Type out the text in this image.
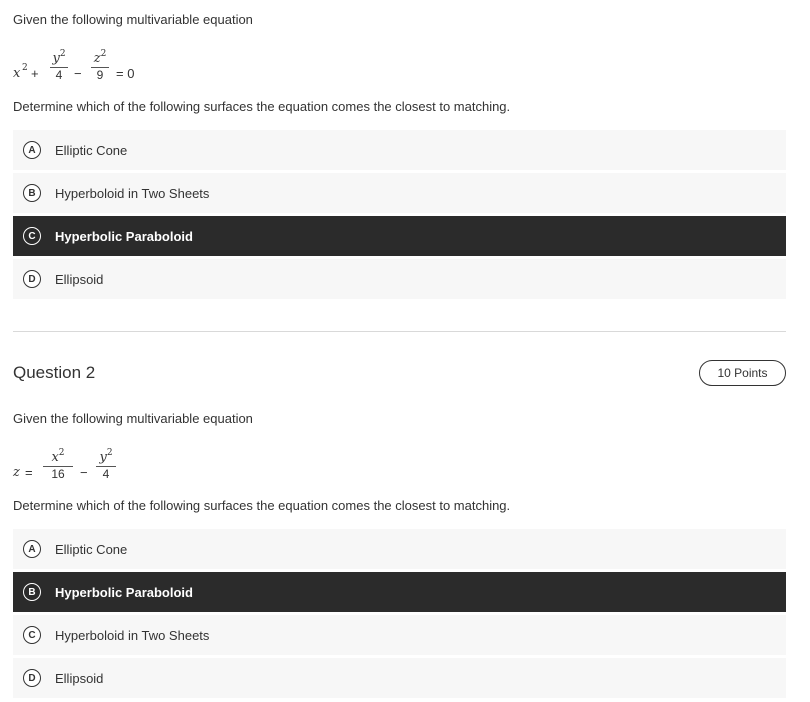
Given the following multivariable equation
x 2 +
$y^2$
4 −
$z^2$
9 = 0
Determine which of the following surfaces the equation comes the closest to matching.
A	Elliptic Cone
B	Hyperboloid in Two Sheets
C	Hyperbolic Paraboloid
D	Ellipsoid
Question 2	10 Points
Given the following multivariable equation
z =
$x^2$
16	−
$y^2$
4
Determine which of the following surfaces the equation comes the closest to matching.
A	Elliptic Cone
B	Hyperbolic Paraboloid
C	Hyperboloid in Two Sheets
D	Ellipsoid
